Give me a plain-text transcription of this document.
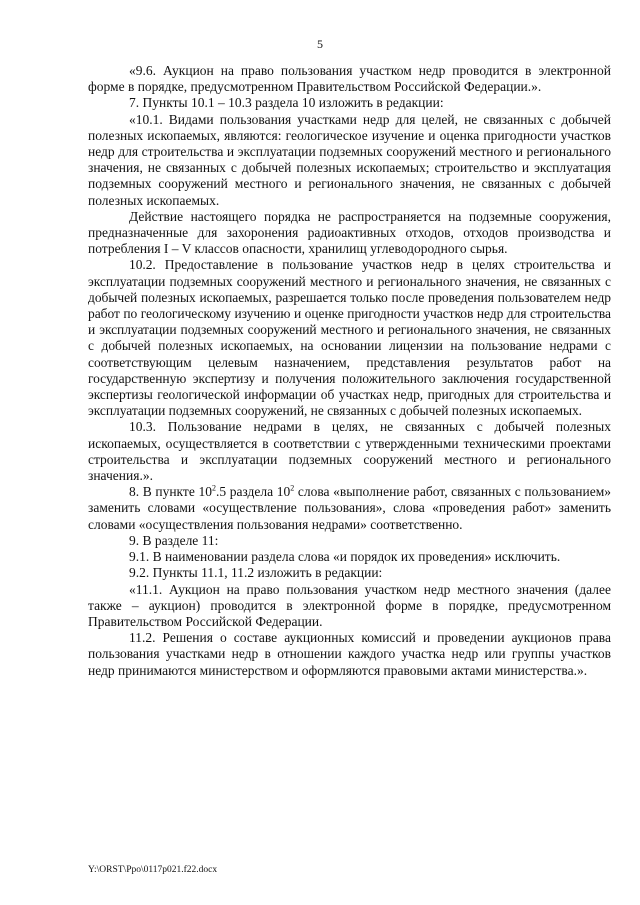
5

«9.6. Аукцион на право пользования участком недр проводится в электронной форме в порядке, предусмотренном Правительством Российской Федерации.».

7. Пункты 10.1 – 10.3 раздела 10 изложить в редакции:

«10.1. Видами пользования участками недр для целей, не связанных с добычей полезных ископаемых, являются: геологическое изучение и оценка пригодности участков недр для строительства и эксплуатации подземных сооружений местного и регионального значения, не связанных с добычей полезных ископаемых; строительство и эксплуатация подземных сооружений местного и регионального значения, не связанных с добычей полезных ископаемых.

Действие настоящего порядка не распространяется на подземные сооружения, предназначенные для захоронения радиоактивных отходов, отходов производства и потребления I – V классов опасности, хранилищ углеводородного сырья.

10.2. Предоставление в пользование участков недр в целях строительства и эксплуатации подземных сооружений местного и регионального значения, не связанных с добычей полезных ископаемых, разрешается только после проведения пользователем недр работ по геологическому изучению и оценке пригодности участков недр для строительства и эксплуатации подземных сооружений местного и регионального значения, не связанных с добычей полезных ископаемых, на основании лицензии на пользование недрами с соответствующим целевым назначением, представления результатов работ на государственную экспертизу и получения положительного заключения государственной экспертизы геологической информации об участках недр, пригодных для строительства и эксплуатации подземных сооружений, не связанных с добычей полезных ископаемых.

10.3. Пользование недрами в целях, не связанных с добычей полезных ископаемых, осуществляется в соответствии с утвержденными техническими проектами строительства и эксплуатации подземных сооружений местного и регионального значения.».

8. В пункте $10^2.5$ раздела $10^2$ слова «выполнение работ, связанных с пользованием» заменить словами «осуществление пользования», слова «проведения работ» заменить словами «осуществления пользования недрами» соответственно.

9. В разделе 11:

9.1. В наименовании раздела слова «и порядок их проведения» исключить.

9.2. Пункты 11.1, 11.2 изложить в редакции:

«11.1. Аукцион на право пользования участком недр местного значения (далее также – аукцион) проводится в электронной форме в порядке, предусмотренном Правительством Российской Федерации.

11.2. Решения о составе аукционных комиссий и проведении аукционов права пользования участками недр в отношении каждого участка недр или группы участков недр принимаются министерством и оформляются правовыми актами министерства.».

Y:\ORST\Ppo\0117p021.f22.docx
